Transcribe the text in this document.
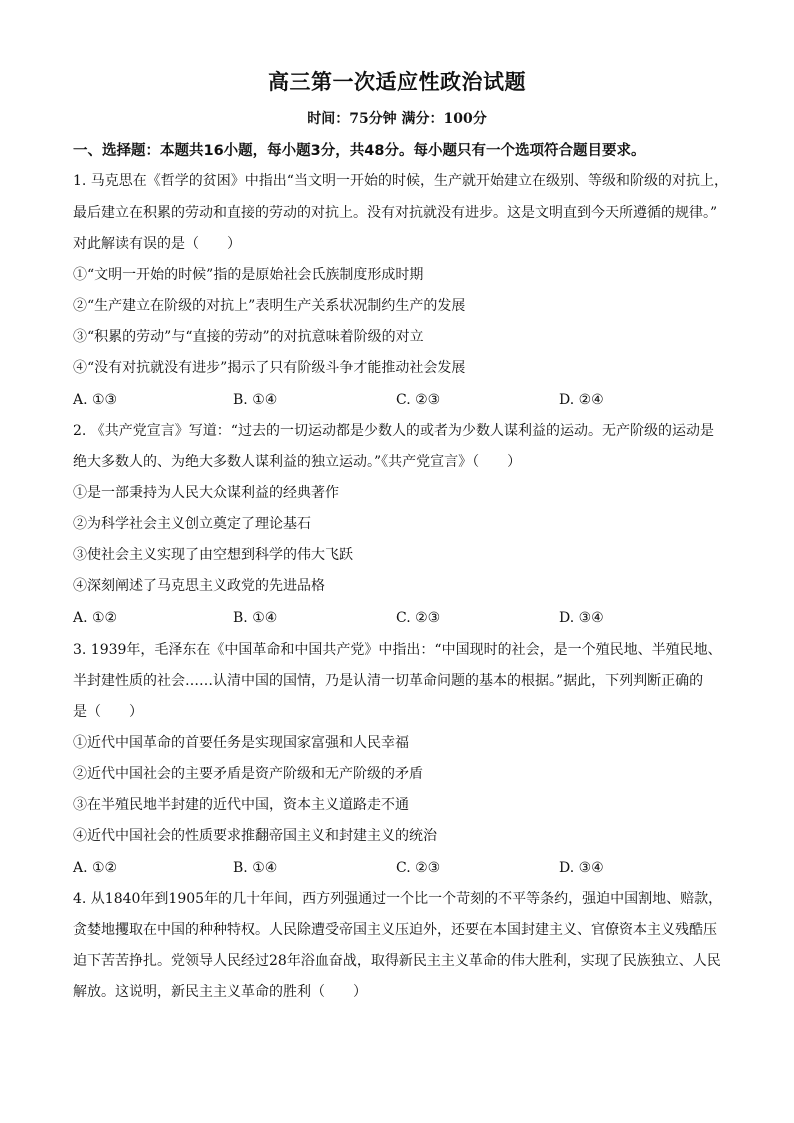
高三第一次适应性政治试题
时间：75分钟 满分：100分
一、选择题：本题共16小题，每小题3分，共48分。每小题只有一个选项符合题目要求。
1. 马克思在《哲学的贫困》中指出“当文明一开始的时候，生产就开始建立在级别、等级和阶级的对抗上，
最后建立在积累的劳动和直接的劳动的对抗上。没有对抗就没有进步。这是文明直到今天所遵循的规律。”
对此解读有误的是（　　）
①“文明一开始的时候”指的是原始社会氏族制度形成时期
②“生产建立在阶级的对抗上”表明生产关系状况制约生产的发展
③“积累的劳动”与“直接的劳动”的对抗意味着阶级的对立
④“没有对抗就没有进步”揭示了只有阶级斗争才能推动社会发展
A. ①③	B. ①④	C. ②③	D. ②④
2. 《共产党宣言》写道：“过去的一切运动都是少数人的或者为少数人谋利益的运动。无产阶级的运动是
绝大多数人的、为绝大多数人谋利益的独立运动。”《共产党宣言》（　　）
①是一部秉持为人民大众谋利益的经典著作
②为科学社会主义创立奠定了理论基石
③使社会主义实现了由空想到科学的伟大飞跃
④深刻阐述了马克思主义政党的先进品格
A. ①②	B. ①④	C. ②③	D. ③④
3. 1939年，毛泽东在《中国革命和中国共产党》中指出：“中国现时的社会，是一个殖民地、半殖民地、
半封建性质的社会……认清中国的国情，乃是认清一切革命问题的基本的根据。”据此，下列判断正确的
是（　　）
①近代中国革命的首要任务是实现国家富强和人民幸福
②近代中国社会的主要矛盾是资产阶级和无产阶级的矛盾
③在半殖民地半封建的近代中国，资本主义道路走不通
④近代中国社会的性质要求推翻帝国主义和封建主义的统治
A. ①②	B. ①④	C. ②③	D. ③④
4. 从1840年到1905年的几十年间，西方列强通过一个比一个苛刻的不平等条约，强迫中国割地、赔款，
贪婪地攫取在中国的种种特权。人民除遭受帝国主义压迫外，还要在本国封建主义、官僚资本主义残酷压
迫下苦苦挣扎。党领导人民经过28年浴血奋战，取得新民主主义革命的伟大胜利，实现了民族独立、人民
解放。这说明，新民主主义革命的胜利（　　）
